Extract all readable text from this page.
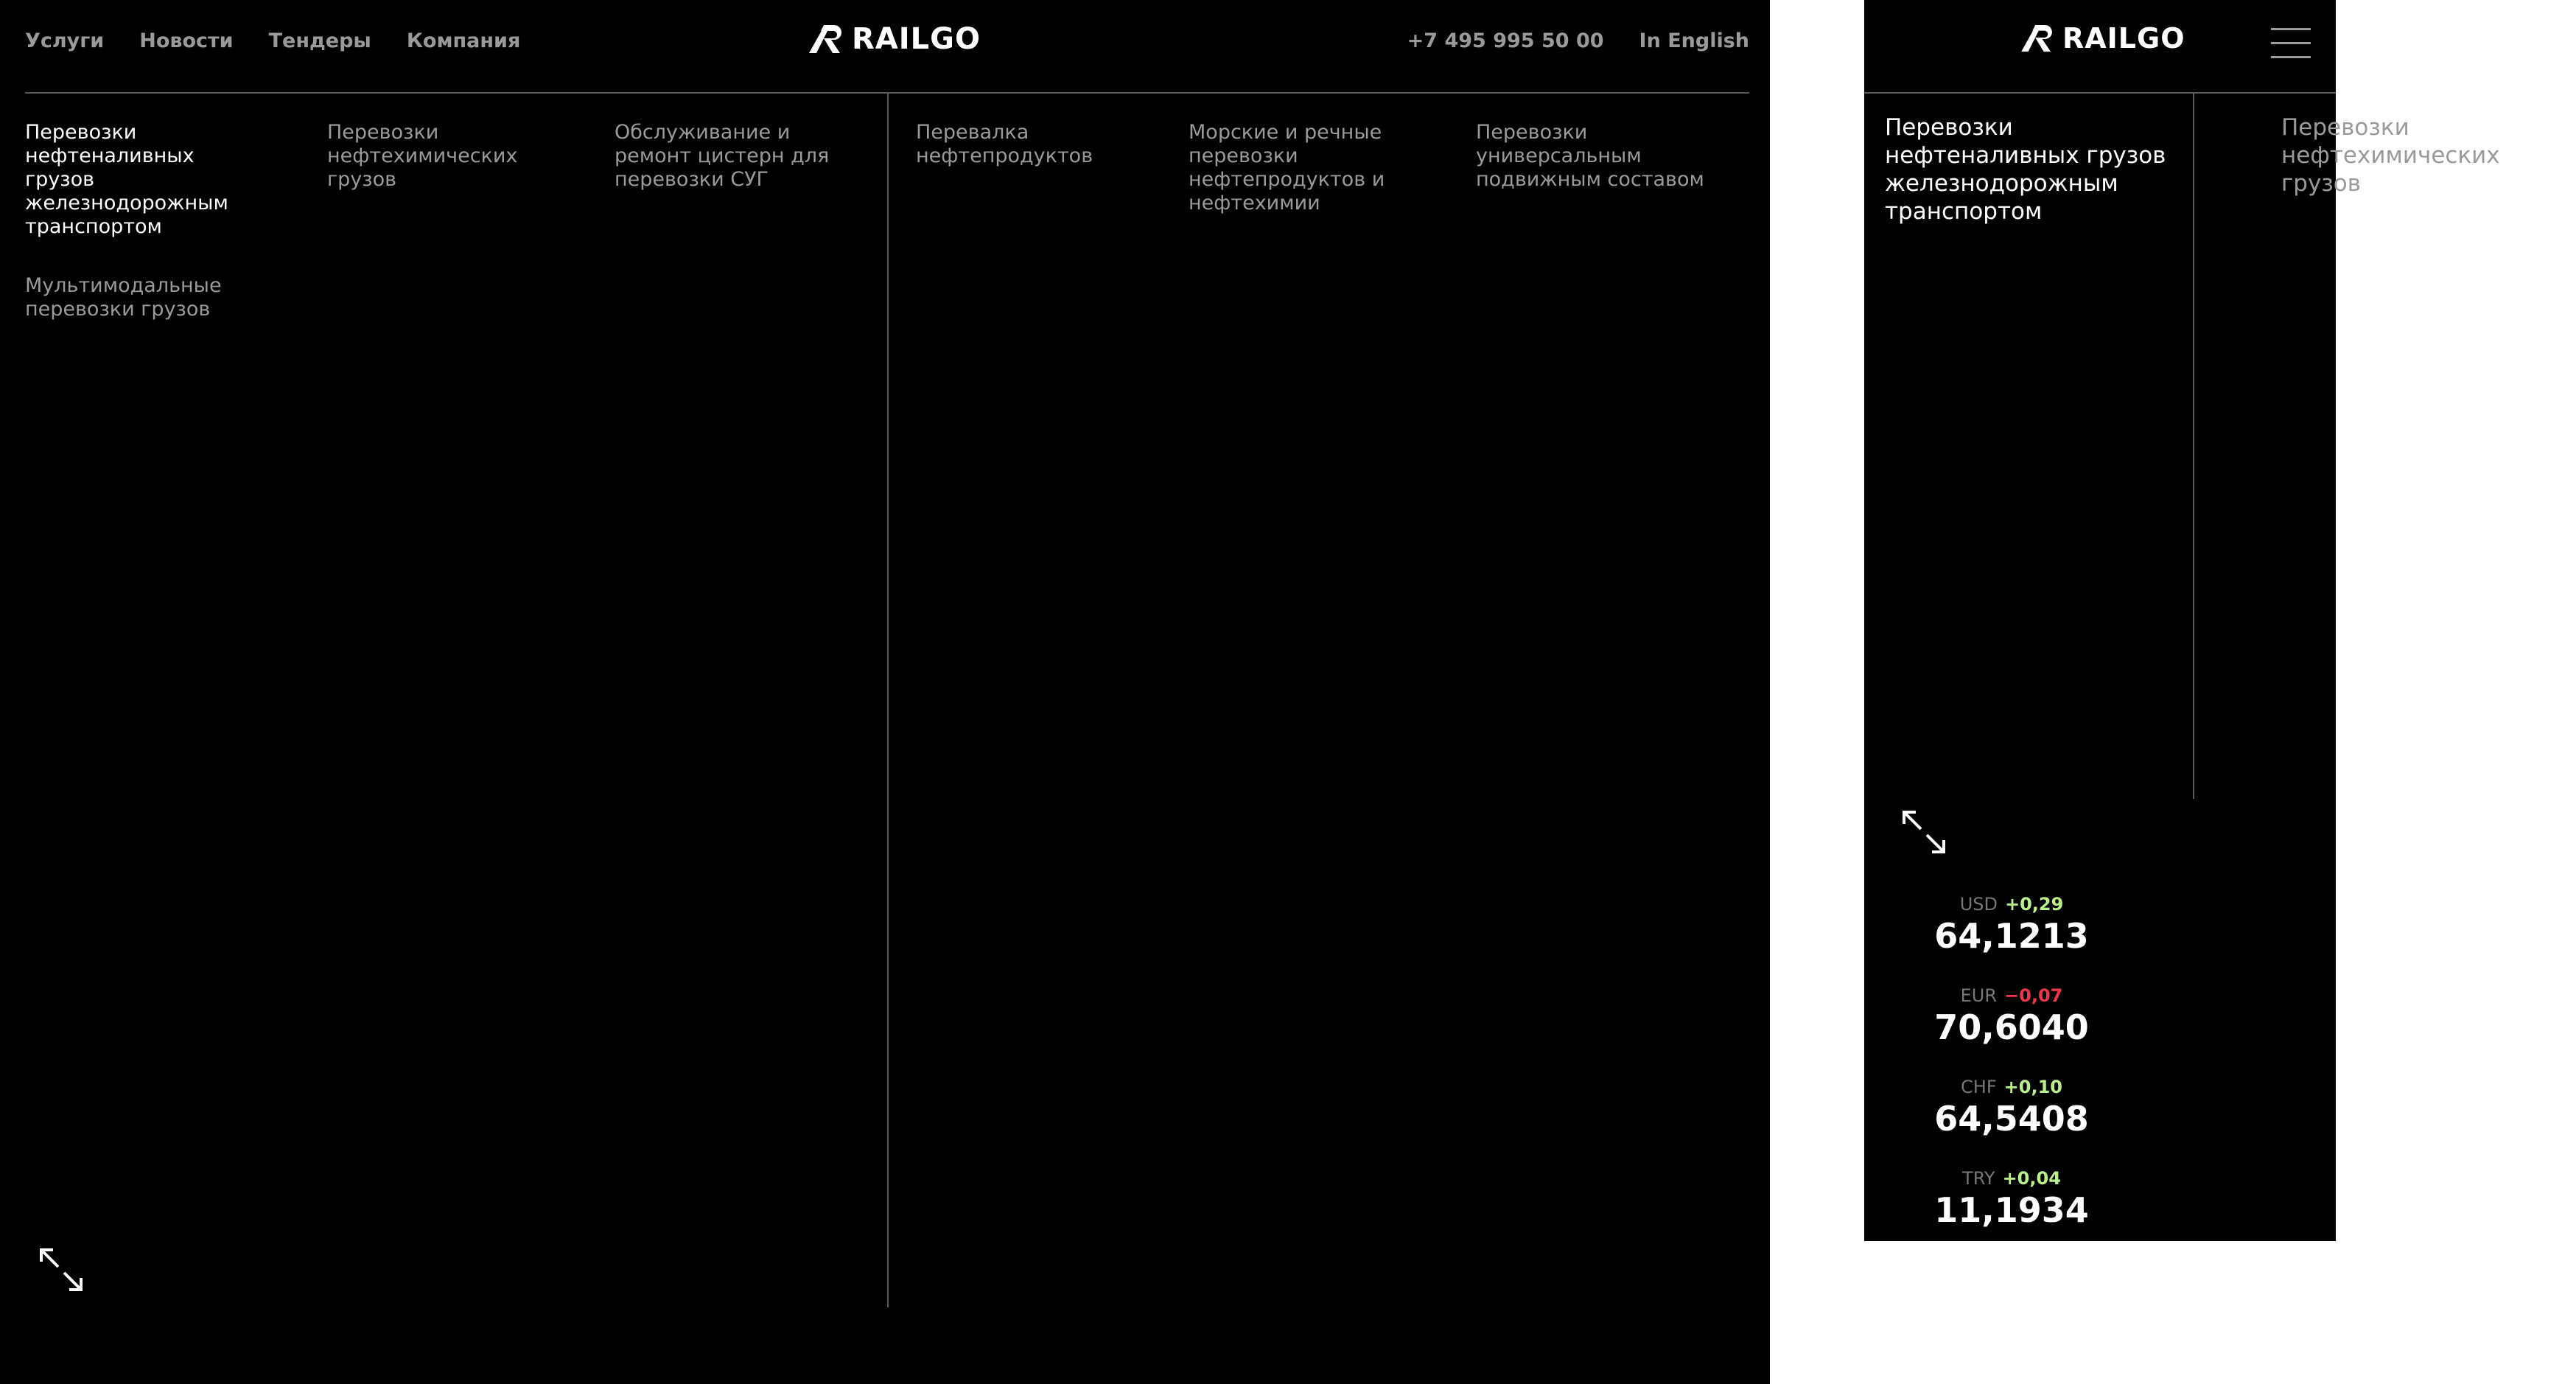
Услуги Новости Тендеры Компания	RAILGO	+7 495 995 50 00 In English
Перевозки нефтеналивных грузов железнодорожным транспортом
Перевозки нефтехимических грузов
Обслуживание и ремонт цистерн для перевозки СУГ
Перевалка нефтепродуктов
Морские и речные перевозки нефтепродуктов и нефтехимии
Перевозки универсальным подвижным составом
Мультимодальные перевозки грузов
RAILGO
Перевозки нефтеналивных грузов железнодорожным транспортом
Перевозки нефтехимических грузов
USD +0,29
64,1213
EUR −0,07
70,6040
CHF +0,10
64,5408
TRY +0,04
11,1934
